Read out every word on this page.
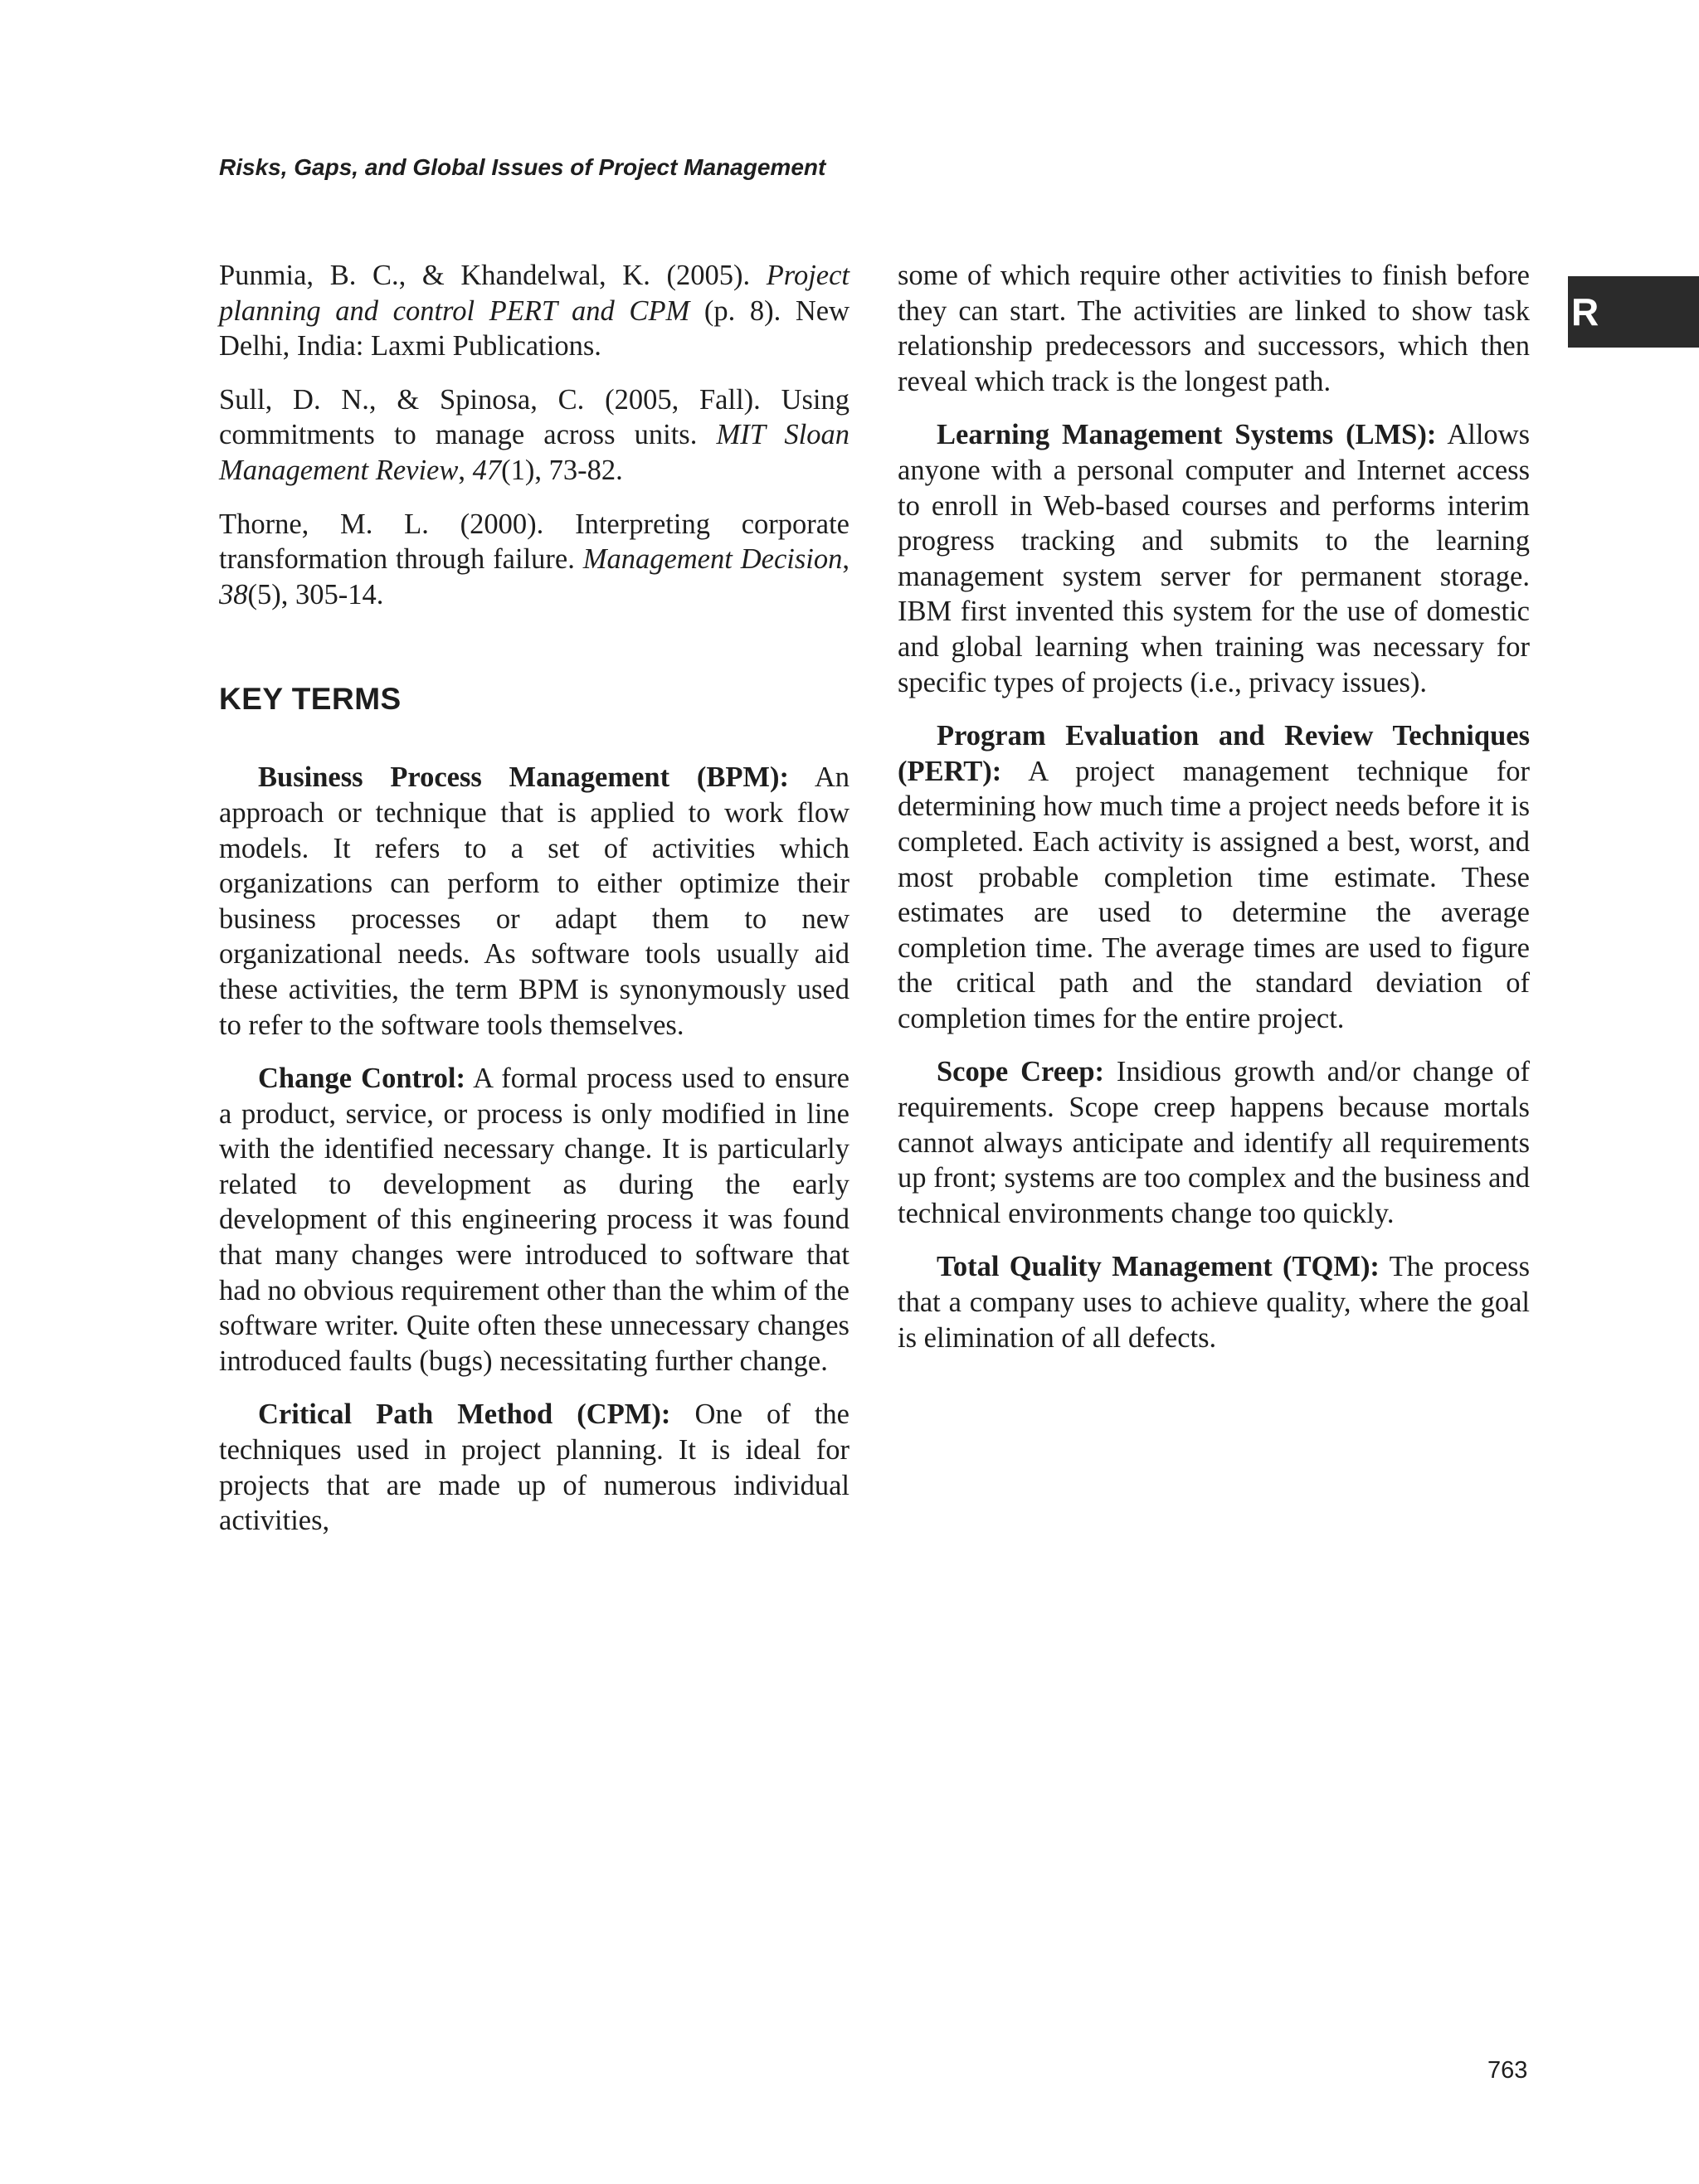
Risks, Gaps, and Global Issues of Project Management

R

Punmia, B. C., & Khandelwal, K. (2005). Project planning and control PERT and CPM (p. 8). New Delhi, India: Laxmi Publications.

Sull, D. N., & Spinosa, C. (2005, Fall). Using commitments to manage across units. MIT Sloan Management Review, 47(1), 73-82.

Thorne, M. L. (2000). Interpreting corporate transformation through failure. Management Decision, 38(5), 305-14.

KEY TERMS

Business Process Management (BPM): An approach or technique that is applied to work flow models. It refers to a set of activities which organizations can perform to either optimize their business processes or adapt them to new organizational needs. As software tools usually aid these activities, the term BPM is synonymously used to refer to the software tools themselves.

Change Control: A formal process used to ensure a product, service, or process is only modified in line with the identified necessary change. It is particularly related to development as during the early development of this engineering process it was found that many changes were introduced to software that had no obvious requirement other than the whim of the software writer. Quite often these unnecessary changes introduced faults (bugs) necessitating further change.

Critical Path Method (CPM): One of the techniques used in project planning. It is ideal for projects that are made up of numerous individual activities,

some of which require other activities to finish before they can start. The activities are linked to show task relationship predecessors and successors, which then reveal which track is the longest path.

Learning Management Systems (LMS): Allows anyone with a personal computer and Internet access to enroll in Web-based courses and performs interim progress tracking and submits to the learning management system server for permanent storage. IBM first invented this system for the use of domestic and global learning when training was necessary for specific types of projects (i.e., privacy issues).

Program Evaluation and Review Techniques (PERT): A project management technique for determining how much time a project needs before it is completed. Each activity is assigned a best, worst, and most probable completion time estimate. These estimates are used to determine the average completion time. The average times are used to figure the critical path and the standard deviation of completion times for the entire project.

Scope Creep: Insidious growth and/or change of requirements. Scope creep happens because mortals cannot always anticipate and identify all requirements up front; systems are too complex and the business and technical environments change too quickly.

Total Quality Management (TQM): The process that a company uses to achieve quality, where the goal is elimination of all defects.

763
